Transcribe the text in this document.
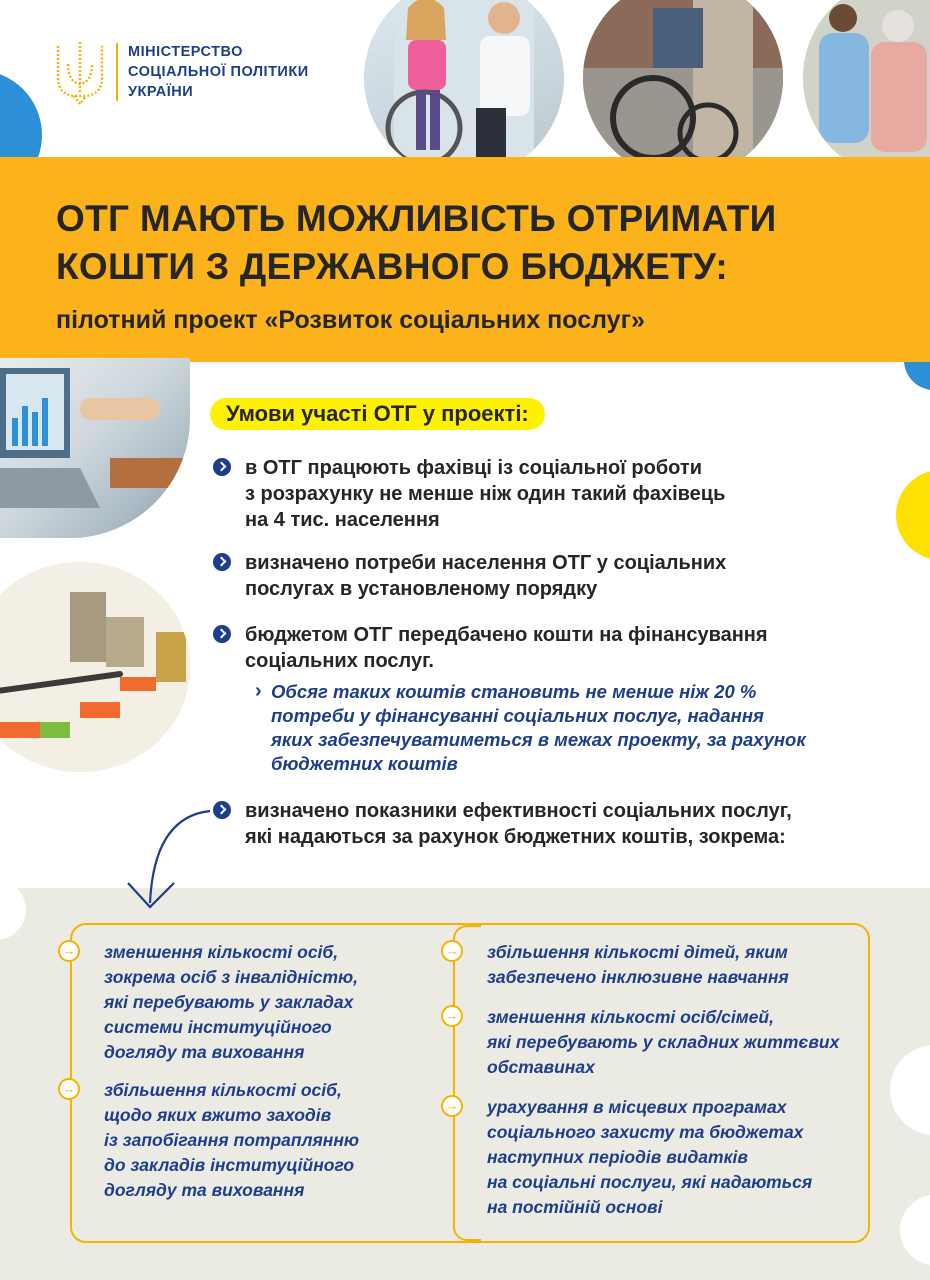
МІНІСТЕРСТВО
СОЦІАЛЬНОЇ ПОЛІТИКИ
УКРАЇНИ
ОТГ МАЮТЬ МОЖЛИВІСТЬ ОТРИМАТИ КОШТИ З ДЕРЖАВНОГО БЮДЖЕТУ:
пілотний проект «Розвиток соціальних послуг»
Умови участі ОТГ у проекті:
в ОТГ працюють фахівці із соціальної роботи
з розрахунку не менше ніж один такий фахівець
на 4 тис. населення
визначено потреби населення ОТГ у соціальних
послугах в установленому порядку
бюджетом ОТГ передбачено кошти на фінансування
соціальних послуг.
› Обсяг таких коштів становить не менше ніж 20 %
потреби у фінансуванні соціальних послуг, надання
яких забезпечуватиметься в межах проекту, за рахунок
бюджетних коштів
визначено показники ефективності соціальних послуг,
які надаються за рахунок бюджетних коштів, зокрема:
→ зменшення кількості осіб,
зокрема осіб з інвалідністю,
які перебувають у закладах
системи інституційного
догляду та виховання
→ збільшення кількості осіб,
щодо яких вжито заходів
із запобігання потраплянню
до закладів інституційного
догляду та виховання
→ збільшення кількості дітей, яким
забезпечено інклюзивне навчання
→ зменшення кількості осіб/сімей,
які перебувають у складних життєвих
обставинах
→ урахування в місцевих програмах
соціального захисту та бюджетах
наступних періодів видатків
на соціальні послуги, які надаються
на постійній основі
